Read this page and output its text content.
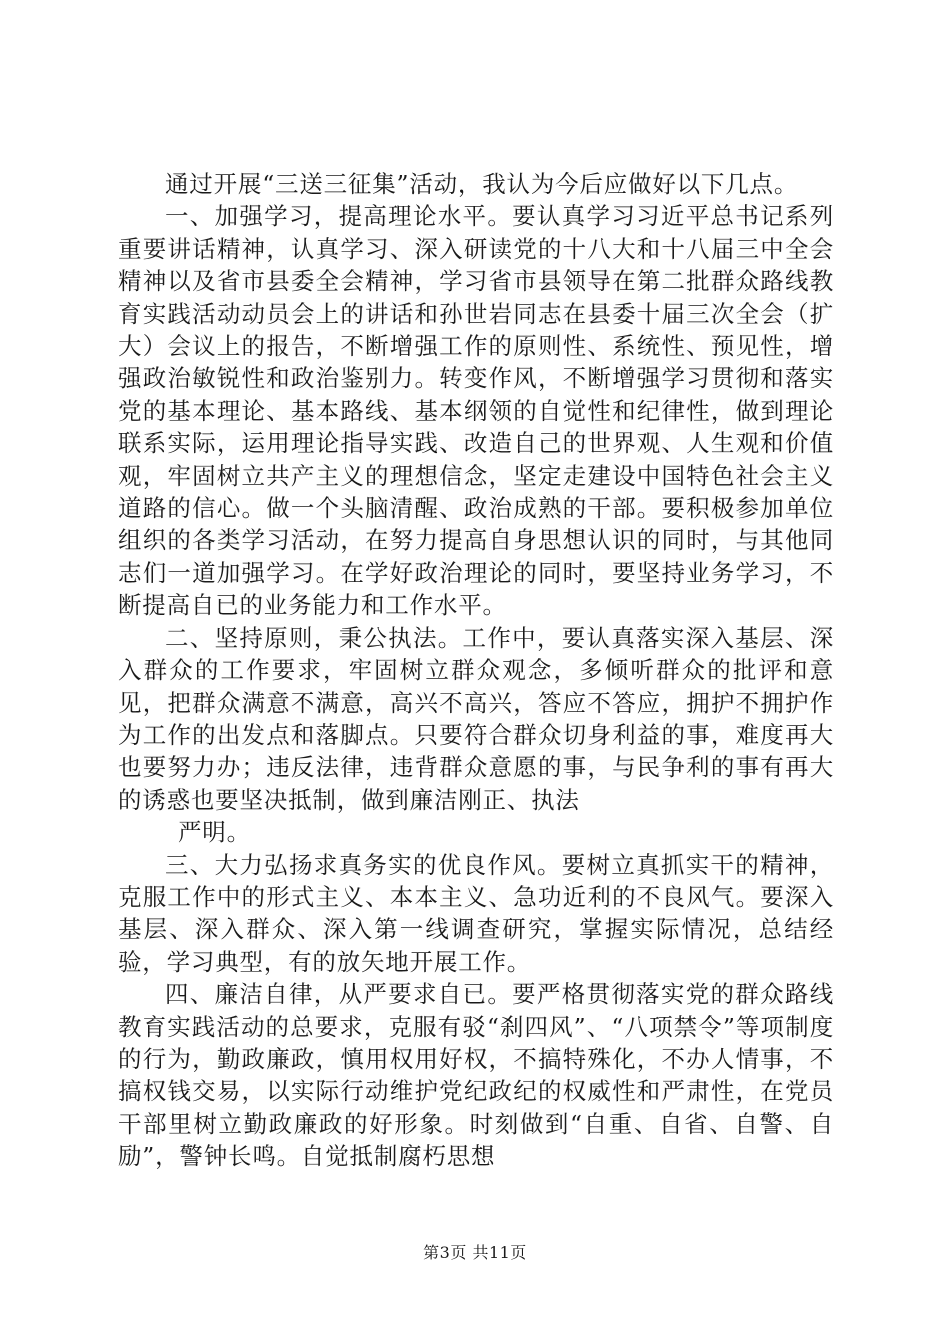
通过开展“三送三征集”活动，我认为今后应做好以下几点。

一、加强学习，提高理论水平。要认真学习习近平总书记系列重要讲话精神，认真学习、深入研读党的十八大和十八届三中全会精神以及省市县委全会精神，学习省市县领导在第二批群众路线教育实践活动动员会上的讲话和孙世岩同志在县委十届三次全会（扩大）会议上的报告，不断增强工作的原则性、系统性、预见性，增强政治敏锐性和政治鉴别力。转变作风，不断增强学习贯彻和落实党的基本理论、基本路线、基本纲领的自觉性和纪律性，做到理论联系实际，运用理论指导实践、改造自己的世界观、人生观和价值观，牢固树立共产主义的理想信念，坚定走建设中国特色社会主义道路的信心。做一个头脑清醒、政治成熟的干部。要积极参加单位组织的各类学习活动，在努力提高自身思想认识的同时，与其他同志们一道加强学习。在学好政治理论的同时，要坚持业务学习，不断提高自已的业务能力和工作水平。

二、坚持原则，秉公执法。工作中，要认真落实深入基层、深入群众的工作要求，牢固树立群众观念，多倾听群众的批评和意见，把群众满意不满意，高兴不高兴，答应不答应，拥护不拥护作为工作的出发点和落脚点。只要符合群众切身利益的事，难度再大也要努力办；违反法律，违背群众意愿的事，与民争利的事有再大的诱惑也要坚决抵制，做到廉洁刚正、执法

严明。

三、大力弘扬求真务实的优良作风。要树立真抓实干的精神，克服工作中的形式主义、本本主义、急功近利的不良风气。要深入基层、深入群众、深入第一线调查研究，掌握实际情况，总结经验，学习典型，有的放矢地开展工作。

四、廉洁自律，从严要求自已。要严格贯彻落实党的群众路线教育实践活动的总要求，克服有驳“刹四风”、“八项禁令”等项制度的行为，勤政廉政，慎用权用好权，不搞特殊化，不办人情事，不搞权钱交易，以实际行动维护党纪政纪的权威性和严肃性，在党员干部里树立勤政廉政的好形象。时刻做到“自重、自省、自警、自励”，警钟长鸣。自觉抵制腐朽思想

第3页 共11页
